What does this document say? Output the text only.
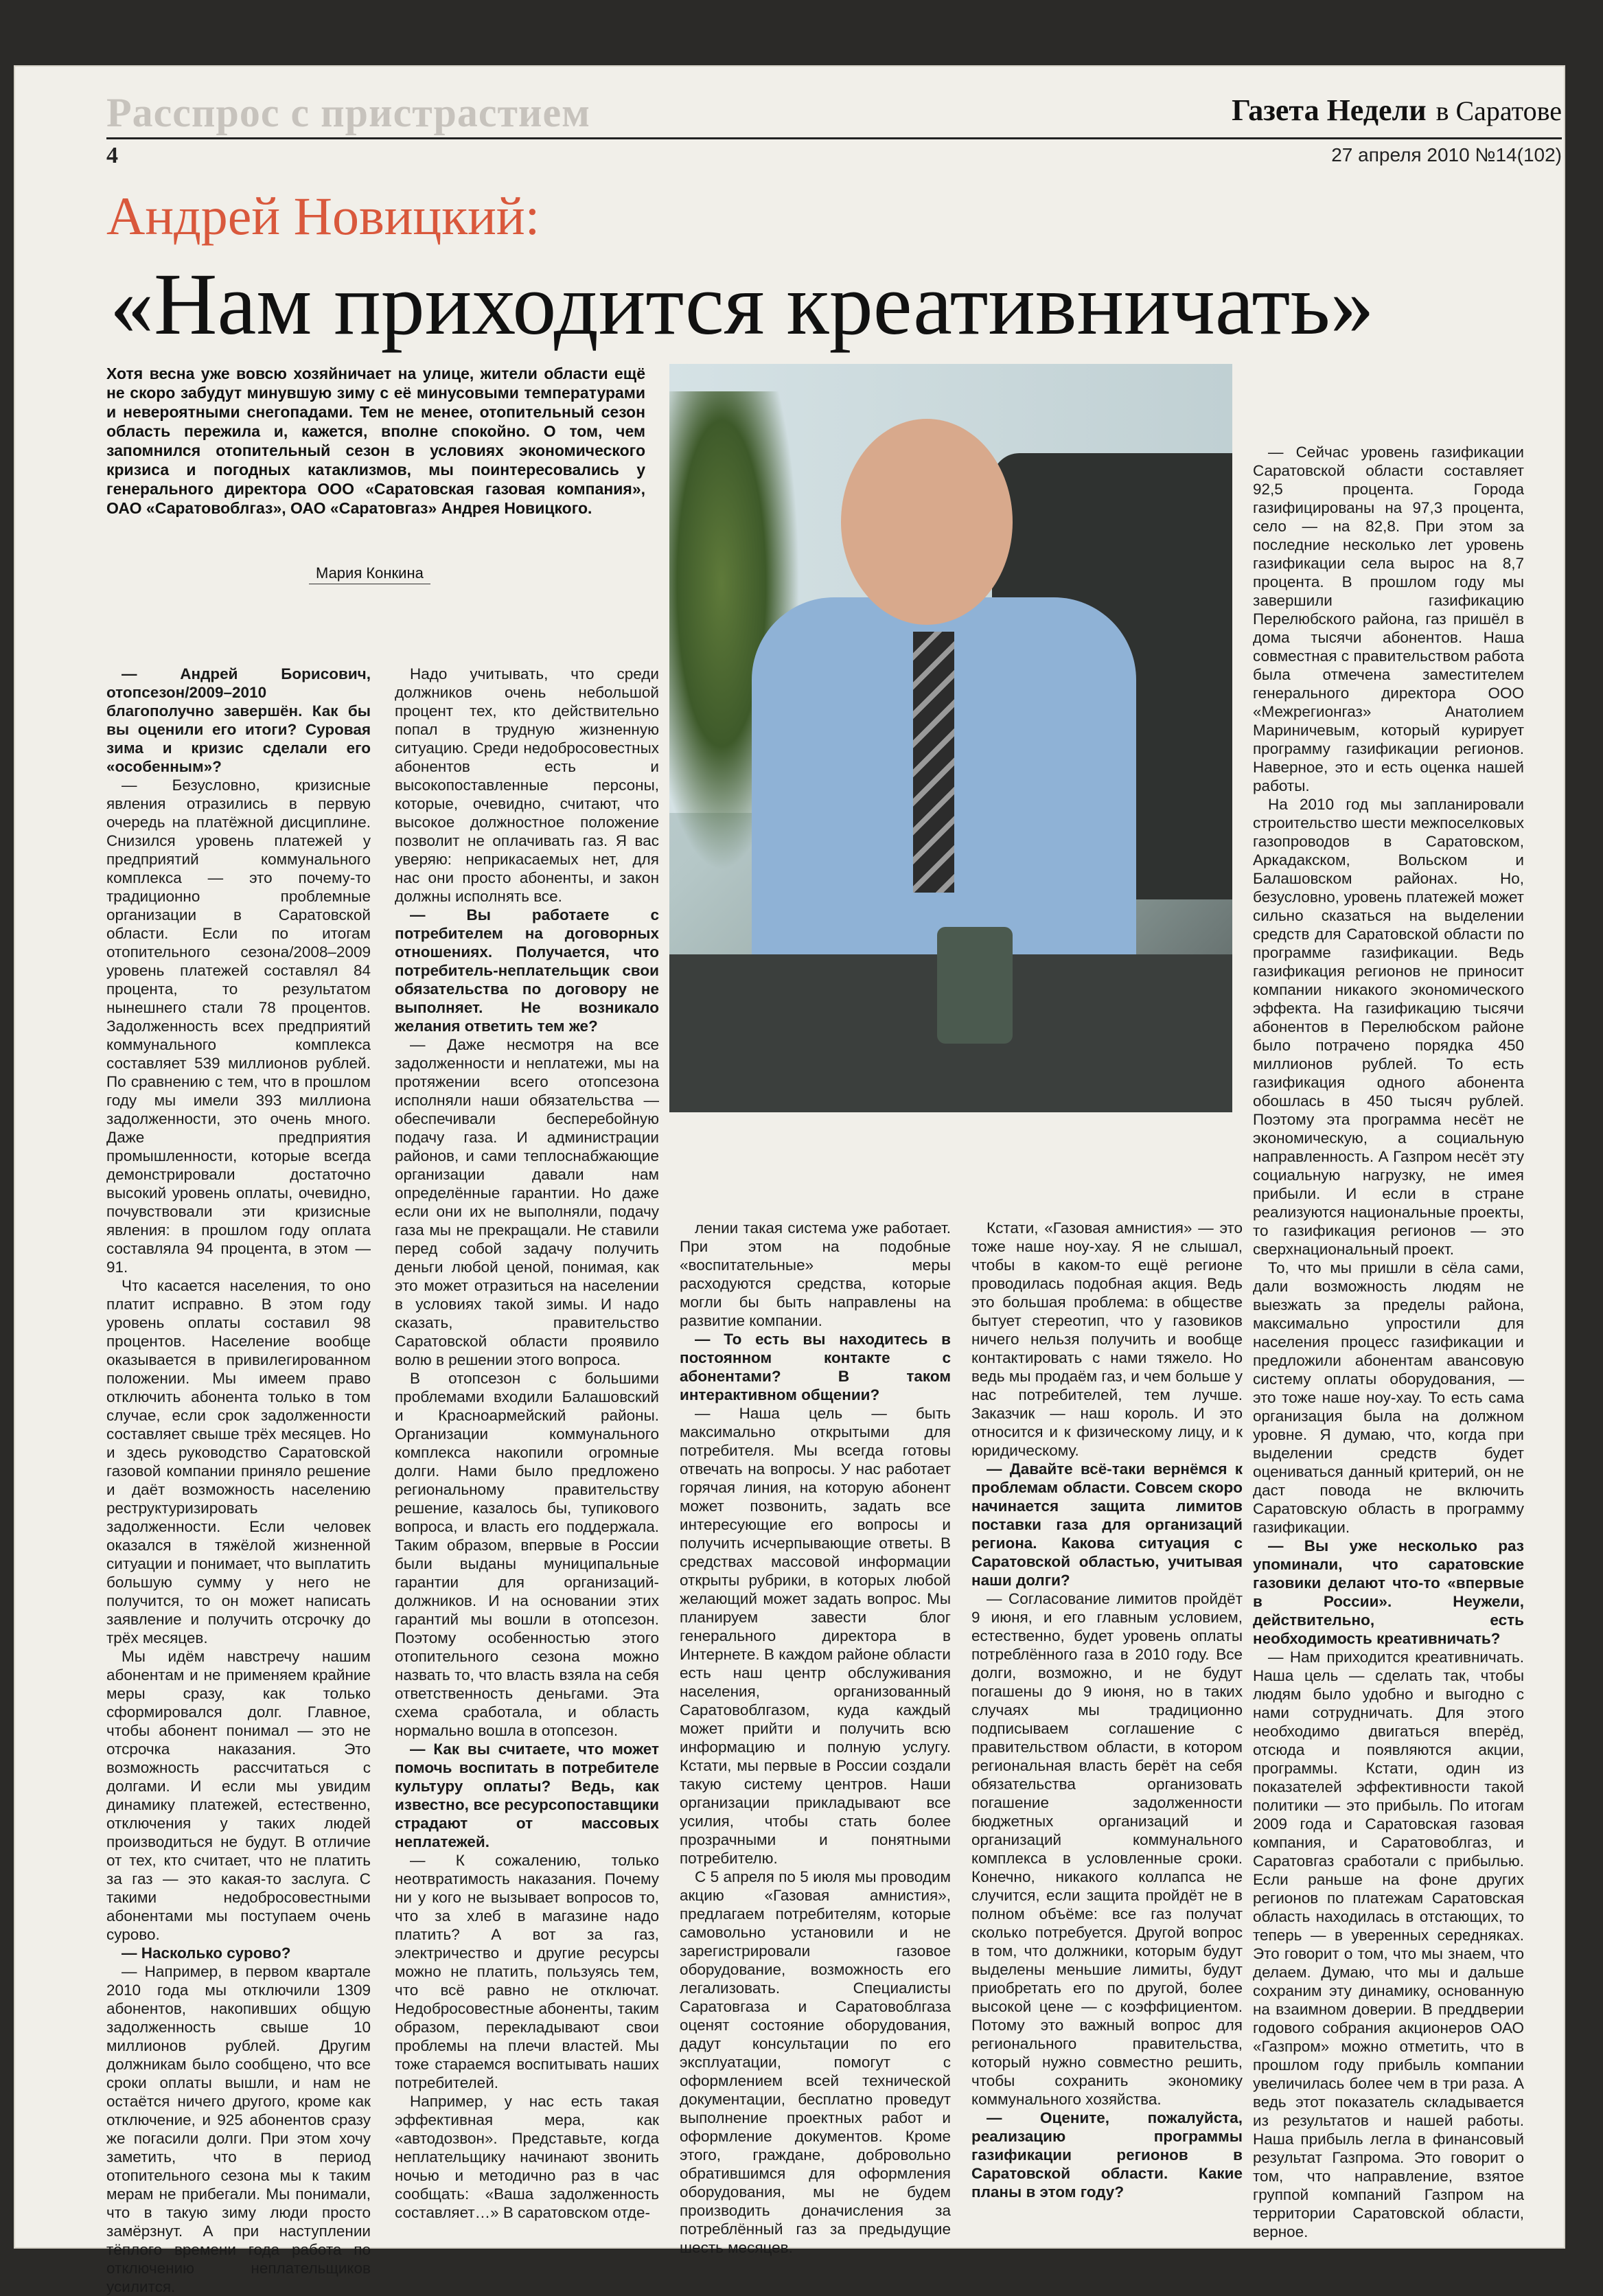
Расспрос с пристрастием	Газета Недели в Саратове
4	27 апреля 2010 №14(102)
Андрей Новицкий:
«Нам приходится креативничать»
Хотя весна уже вовсю хозяйничает на улице, жители области ещё не скоро забудут минувшую зиму с её минусовыми температурами и невероятными снегопадами. Тем не менее, отопительный сезон область пережила и, кажется, вполне спокойно. О том, чем запомнился отопительный сезон в условиях экономического кризиса и погодных катаклизмов, мы поинтересовались у генерального директора ООО «Саратовская газовая компания», ОАО «Саратовоблгаз», ОАО «Саратовгаз» Андрея Новицкого.
Мария Конкина

— Андрей Борисович, отопсезон/2009–2010 благополучно завершён. Как бы вы оценили его итоги? Суровая зима и кризис сделали его «особенным»?

— Безусловно, кризисные явления отразились в первую очередь на платёжной дисциплине. Снизился уровень платежей у предприятий коммунального комплекса — это почему-то традиционно проблемные организации в Саратовской области. Если по итогам отопительного сезона/2008–2009 уровень платежей составлял 84 процента, то результатом нынешнего стали 78 процентов. Задолженность всех предприятий коммунального комплекса составляет 539 миллионов рублей. По сравнению с тем, что в прошлом году мы имели 393 миллиона задолженности, это очень много. Даже предприятия промышленности, которые всегда демонстрировали достаточно высокий уровень оплаты, очевидно, почувствовали эти кризисные явления: в прошлом году оплата составляла 94 процента, в этом — 91.

Что касается населения, то оно платит исправно. В этом году уровень оплаты составил 98 процентов. Население вообще оказывается в привилегированном положении. Мы имеем право отключить абонента только в том случае, если срок задолженности составляет свыше трёх месяцев. Но и здесь руководство Саратовской газовой компании приняло решение и даёт возможность населению реструктуризировать задолженности. Если человек оказался в тяжёлой жизненной ситуации и понимает, что выплатить большую сумму у него не получится, то он может написать заявление и получить отсрочку до трёх месяцев.

Мы идём навстречу нашим абонентам и не применяем крайние меры сразу, как только сформировался долг. Главное, чтобы абонент понимал — это не отсрочка наказания. Это возможность рассчитаться с долгами. И если мы увидим динамику платежей, естественно, отключения у таких людей производиться не будут. В отличие от тех, кто считает, что не платить за газ — это какая-то заслуга. С такими недобросовестными абонентами мы поступаем очень сурово.

— Насколько сурово?

— Например, в первом квартале 2010 года мы отключили 1309 абонентов, накопивших общую задолженность свыше 10 миллионов рублей. Другим должникам было сообщено, что все сроки оплаты вышли, и нам не остаётся ничего другого, кроме как отключение, и 925 абонентов сразу же погасили долги. При этом хочу заметить, что в период отопительного сезона мы к таким мерам не прибегали. Мы понимали, что в такую зиму люди просто замёрзнут. А при наступлении тёплого времени года работа по отключению неплательщиков усилится.

Надо учитывать, что среди должников очень небольшой процент тех, кто действительно попал в трудную жизненную ситуацию. Среди недобросовестных абонентов есть и высокопоставленные персоны, которые, очевидно, считают, что высокое должностное положение позволит не оплачивать газ. Я вас уверяю: неприкасаемых нет, для нас они просто абоненты, и закон должны исполнять все.

— Вы работаете с потребителем на договорных отношениях. Получается, что потребитель-неплательщик свои обязательства по договору не выполняет. Не возникало желания ответить тем же?

— Даже несмотря на все задолженности и неплатежи, мы на протяжении всего отопсезона исполняли наши обязательства — обеспечивали бесперебойную подачу газа. И администрации районов, и сами теплоснабжающие организации давали нам определённые гарантии. Но даже если они их не выполняли, подачу газа мы не прекращали. Не ставили перед собой задачу получить деньги любой ценой, понимая, как это может отразиться на населении в условиях такой зимы. И надо сказать, правительство Саратовской области проявило волю в решении этого вопроса.

В отопсезон с большими проблемами входили Балашовский и Красноармейский районы. Организации коммунального комплекса накопили огромные долги. Нами было предложено региональному правительству решение, казалось бы, тупикового вопроса, и власть его поддержала. Таким образом, впервые в России были выданы муниципальные гарантии для организаций-должников. И на основании этих гарантий мы вошли в отопсезон. Поэтому особенностью этого отопительного сезона можно назвать то, что власть взяла на себя ответственность деньгами. Эта схема сработала, и область нормально вошла в отопсезон.

— Как вы считаете, что может помочь воспитать в потребителе культуру оплаты? Ведь, как известно, все ресурсопоставщики страдают от массовых неплатежей.

— К сожалению, только неотвратимость наказания. Почему ни у кого не вызывает вопросов то, что за хлеб в магазине надо платить? А вот за газ, электричество и другие ресурсы можно не платить, пользуясь тем, что всё равно не отключат. Недобросовестные абоненты, таким образом, перекладывают свои проблемы на плечи властей. Мы тоже стараемся воспитывать наших потребителей.

Например, у нас есть такая эффективная мера, как «автодозвон». Представьте, когда неплательщику начинают звонить ночью и методично раз в час сообщать: «Ваша задолженность составляет…» В саратовском отде-

лении такая система уже работает. При этом на подобные «воспитательные» меры расходуются средства, которые могли бы быть направлены на развитие компании.

— То есть вы находитесь в постоянном контакте с абонентами? В таком интерактивном общении?

— Наша цель — быть максимально открытыми для потребителя. Мы всегда готовы отвечать на вопросы. У нас работает горячая линия, на которую абонент может позвонить, задать все интересующие его вопросы и получить исчерпывающие ответы. В средствах массовой информации открыты рубрики, в которых любой желающий может задать вопрос. Мы планируем завести блог генерального директора в Интернете. В каждом районе области есть наш центр обслуживания населения, организованный Саратовоблгазом, куда каждый может прийти и получить всю информацию и полную услугу. Кстати, мы первые в России создали такую систему центров. Наши организации прикладывают все усилия, чтобы стать более прозрачными и понятными потребителю.

С 5 апреля по 5 июля мы проводим акцию «Газовая амнистия», предлагаем потребителям, которые самовольно установили и не зарегистрировали газовое оборудование, возможность его легализовать. Специалисты Саратовгаза и Саратовоблгаза оценят состояние оборудования, дадут консультации по его эксплуатации, помогут с оформлением всей технической документации, бесплатно проведут выполнение проектных работ и оформление документов. Кроме этого, граждане, добровольно обратившимся для оформления оборудования, мы не будем производить доначисления за потреблённый газ за предыдущие шесть месяцев.

Кстати, «Газовая амнистия» — это тоже наше ноу-хау. Я не слышал, чтобы в каком-то ещё регионе проводилась подобная акция. Ведь это большая проблема: в обществе бытует стереотип, что у газовиков ничего нельзя получить и вообще контактировать с нами тяжело. Но ведь мы продаём газ, и чем больше у нас потребителей, тем лучше. Заказчик — наш король. И это относится и к физическому лицу, и к юридическому.

— Давайте всё-таки вернёмся к проблемам области. Совсем скоро начинается защита лимитов поставки газа для организаций региона. Какова ситуация с Саратовской областью, учитывая наши долги?

— Согласование лимитов пройдёт 9 июня, и его главным условием, естественно, будет уровень оплаты потреблённого газа в 2010 году. Все долги, возможно, и не будут погашены до 9 июня, но в таких случаях мы традиционно подписываем соглашение с правительством области, в котором региональная власть берёт на себя обязательства организовать погашение задолженности бюджетных организаций и организаций коммунального комплекса в условленные сроки. Конечно, никакого коллапса не случится, если защита пройдёт не в полном объёме: все газ получат сколько потребуется. Другой вопрос в том, что должники, которым будут выделены меньшие лимиты, будут приобретать его по другой, более высокой цене — с коэффициентом. Потому это важный вопрос для регионального правительства, который нужно совместно решить, чтобы сохранить экономику коммунального хозяйства.

— Оцените, пожалуйста, реализацию программы газификации регионов в Саратовской области. Какие планы в этом году?

— Сейчас уровень газификации Саратовской области составляет 92,5 процента. Города газифицированы на 97,3 процента, село — на 82,8. При этом за последние несколько лет уровень газификации села вырос на 8,7 процента. В прошлом году мы завершили газификацию Перелюбского района, газ пришёл в дома тысячи абонентов. Наша совместная с правительством работа была отмечена заместителем генерального директора ООО «Межрегионгаз» Анатолием Мариничевым, который курирует программу газификации регионов. Наверное, это и есть оценка нашей работы.

На 2010 год мы запланировали строительство шести межпоселковых газопроводов в Саратовском, Аркадакском, Вольском и Балашовском районах. Но, безусловно, уровень платежей может сильно сказаться на выделении средств для Саратовской области по программе газификации. Ведь газификация регионов не приносит компании никакого экономического эффекта. На газификацию тысячи абонентов в Перелюбском районе было потрачено порядка 450 миллионов рублей. То есть газификация одного абонента обошлась в 450 тысяч рублей. Поэтому эта программа несёт не экономическую, а социальную направленность. А Газпром несёт эту социальную нагрузку, не имея прибыли. И если в стране реализуются национальные проекты, то газификация регионов — это сверхнациональный проект.

То, что мы пришли в сёла сами, дали возможность людям не выезжать за пределы района, максимально упростили для населения процесс газификации и предложили абонентам авансовую систему оплаты оборудования, — это тоже наше ноу-хау. То есть сама организация была на должном уровне. Я думаю, что, когда при выделении средств будет оцениваться данный критерий, он не даст повода не включить Саратовскую область в программу газификации.

— Вы уже несколько раз упоминали, что саратовские газовики делают что-то «впервые в России». Неужели, действительно, есть необходимость креативничать?

— Нам приходится креативничать. Наша цель — сделать так, чтобы людям было удобно и выгодно с нами сотрудничать. Для этого необходимо двигаться вперёд, отсюда и появляются акции, программы. Кстати, один из показателей эффективности такой политики — это прибыль. По итогам 2009 года и Саратовская газовая компания, и Саратовоблгаз, и Саратовгаз сработали с прибылью. Если раньше на фоне других регионов по платежам Саратовская область находилась в отстающих, то теперь — в уверенных середняках. Это говорит о том, что мы знаем, что делаем. Думаю, что мы и дальше сохраним эту динамику, основанную на взаимном доверии. В преддверии годового собрания акционеров ОАО «Газпром» можно отметить, что в прошлом году прибыль компании увеличилась более чем в три раза. А ведь этот показатель складывается из результатов и нашей работы. Наша прибыль легла в финансовый результат Газпрома. Это говорит о том, что направление, взятое группой компаний Газпром на территории Саратовской области, верное.
